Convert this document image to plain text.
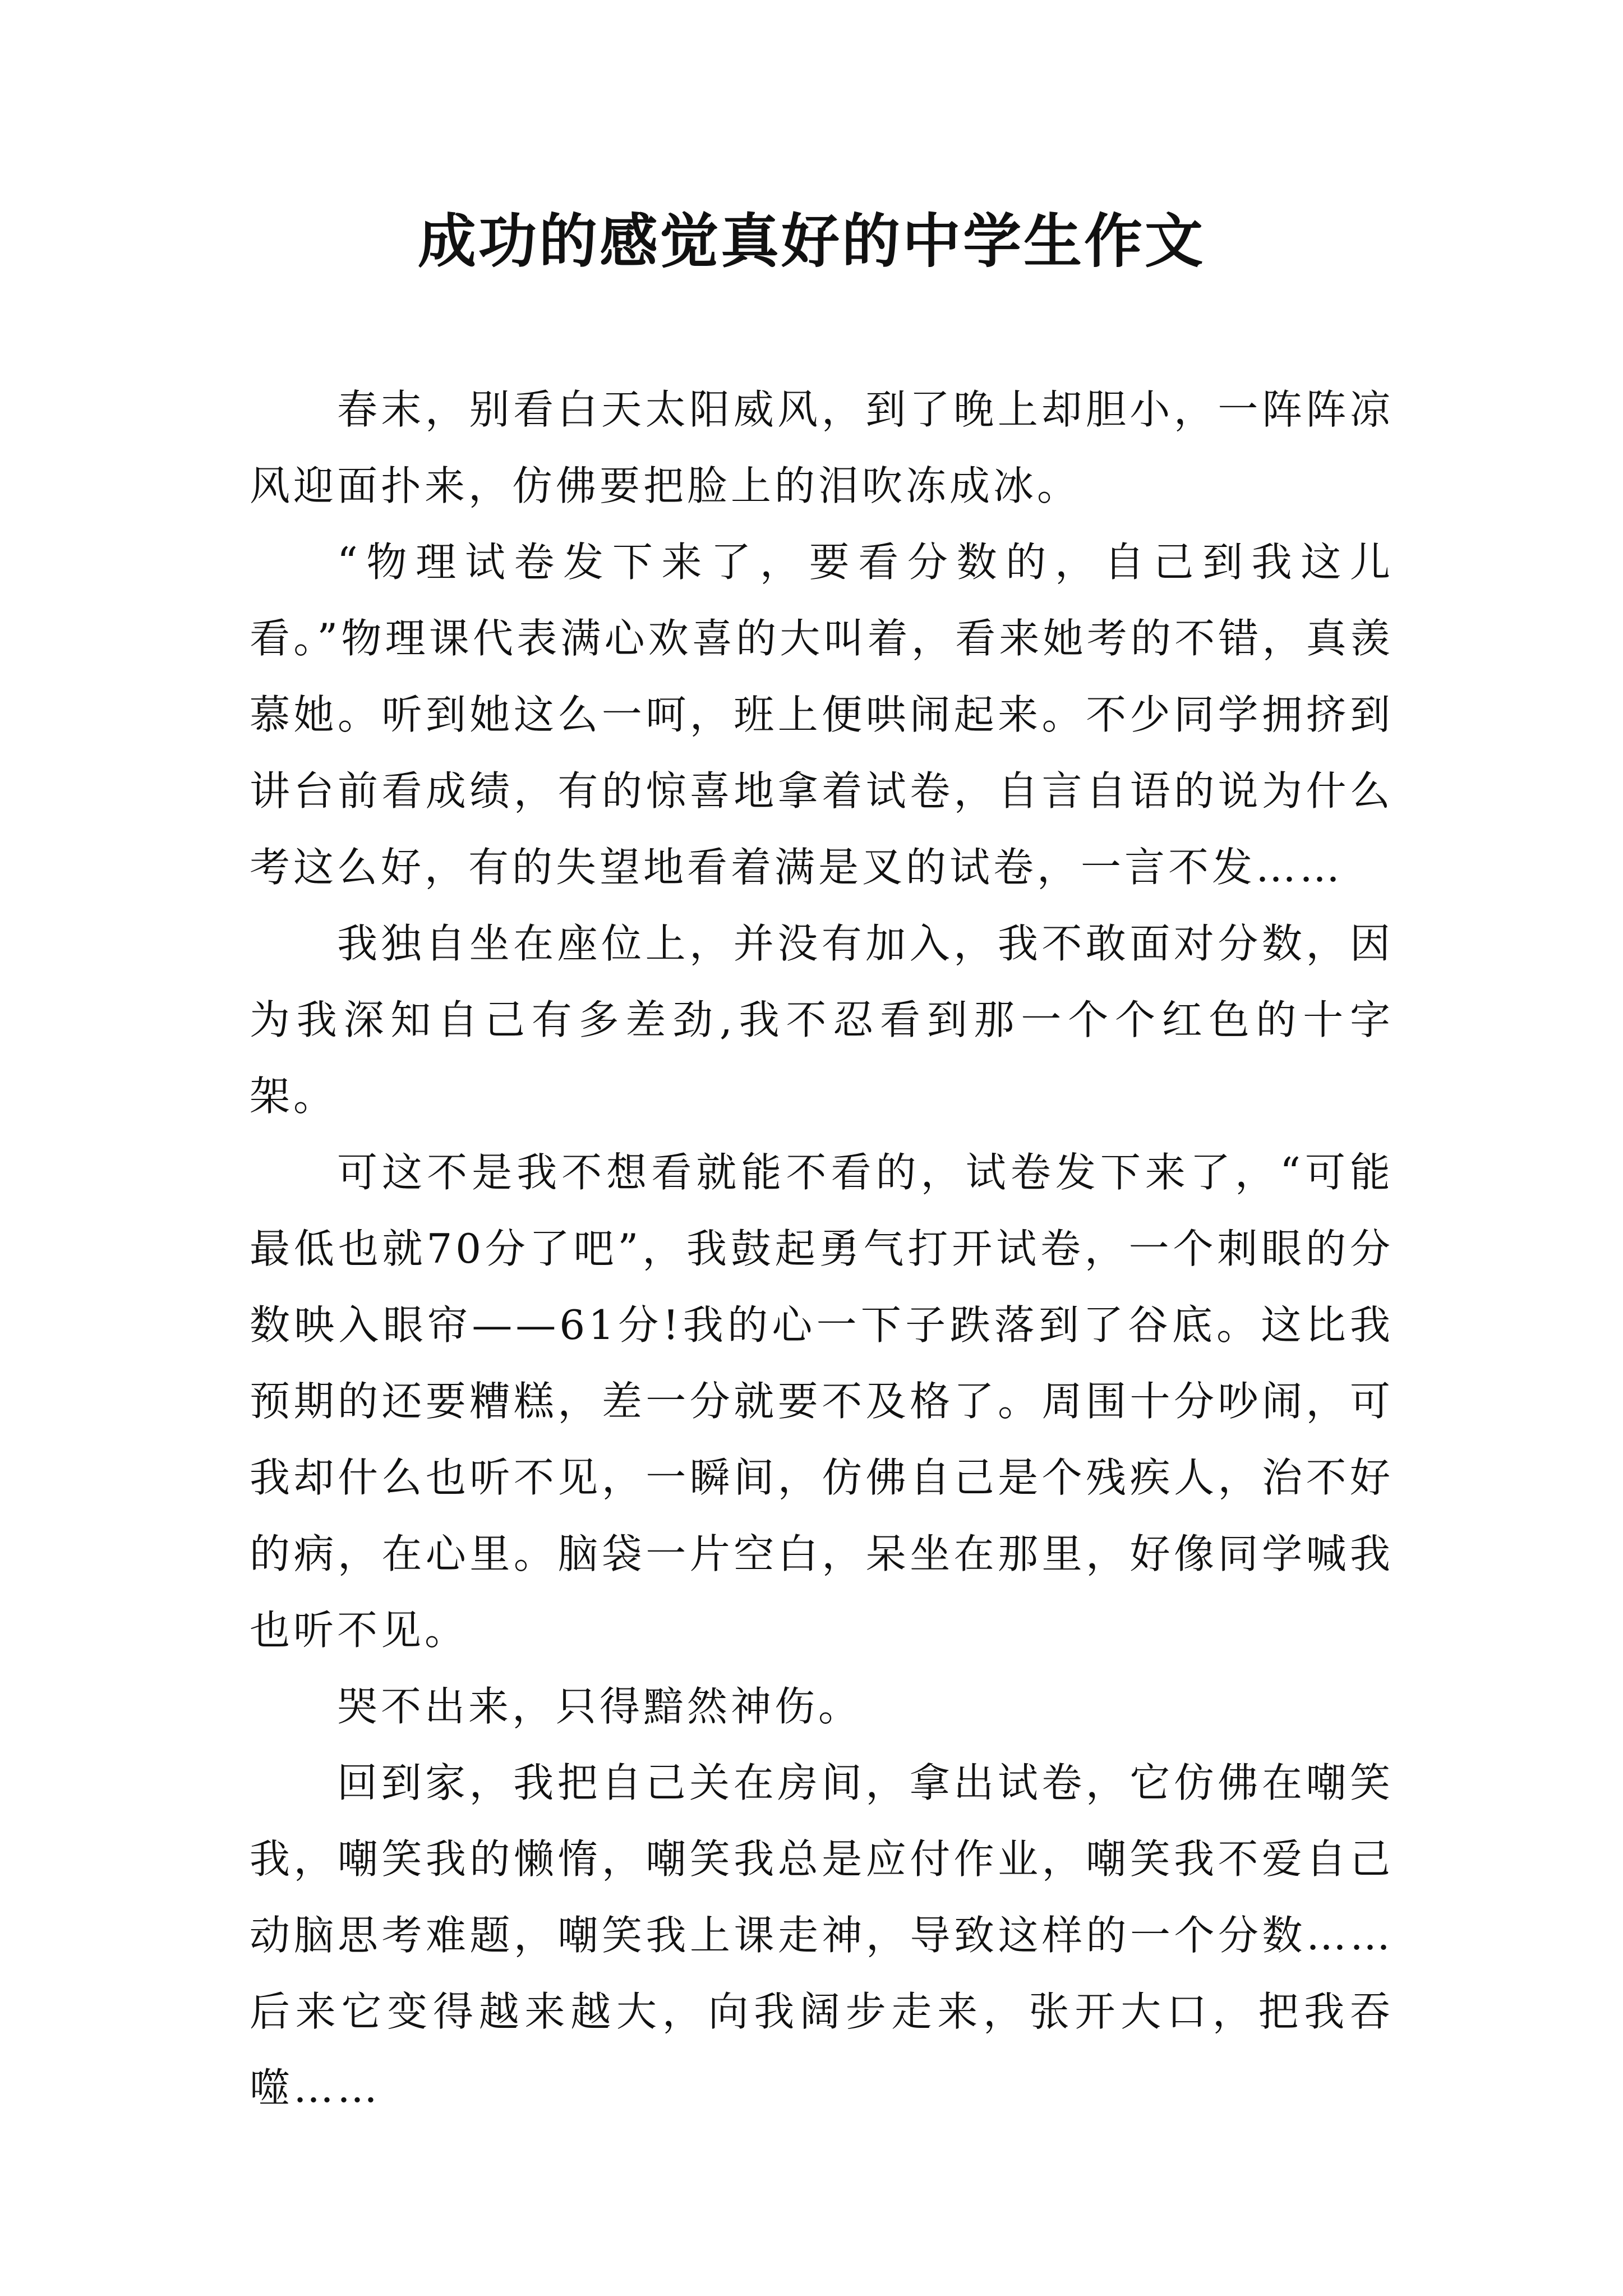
成功的感觉真好的中学生作文

春末，别看白天太阳威风，到了晚上却胆小，一阵阵凉风迎面扑来，仿佛要把脸上的泪吹冻成冰。

“物理试卷发下来了，要看分数的，自己到我这儿看。”物理课代表满心欢喜的大叫着，看来她考的不错，真羡慕她。听到她这么一呵，班上便哄闹起来。不少同学拥挤到讲台前看成绩，有的惊喜地拿着试卷，自言自语的说为什么考这么好，有的失望地看着满是叉的试卷，一言不发……

我独自坐在座位上，并没有加入，我不敢面对分数，因为我深知自己有多差劲,我不忍看到那一个个红色的十字架。

可这不是我不想看就能不看的，试卷发下来了，“可能最低也就70分了吧”，我鼓起勇气打开试卷，一个刺眼的分数映入眼帘——61分!我的心一下子跌落到了谷底。这比我预期的还要糟糕，差一分就要不及格了。周围十分吵闹，可我却什么也听不见，一瞬间，仿佛自己是个残疾人，治不好的病，在心里。脑袋一片空白，呆坐在那里，好像同学喊我也听不见。

哭不出来，只得黯然神伤。

回到家，我把自己关在房间，拿出试卷，它仿佛在嘲笑我，嘲笑我的懒惰，嘲笑我总是应付作业，嘲笑我不爱自己动脑思考难题，嘲笑我上课走神，导致这样的一个分数……后来它变得越来越大，向我阔步走来，张开大口，把我吞噬……
